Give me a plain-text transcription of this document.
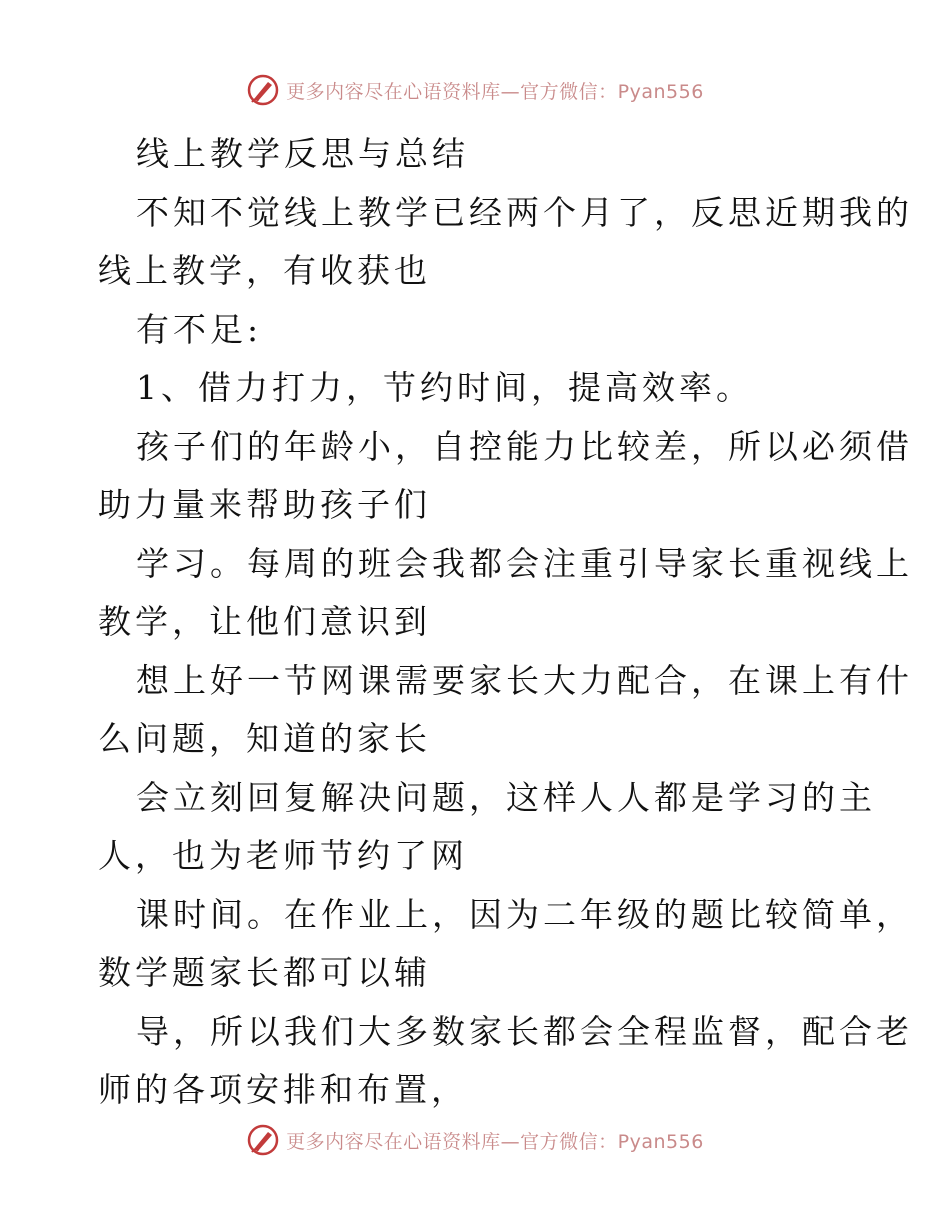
更多内容尽在心语资料库—官方微信：Pyan556
线上教学反思与总结
不知不觉线上教学已经两个月了，反思近期我的
线上教学，有收获也
有不足:
1、借力打力，节约时间，提高效率。
孩子们的年龄小，自控能力比较差，所以必须借
助力量来帮助孩子们
学习。每周的班会我都会注重引导家长重视线上
教学，让他们意识到
想上好一节网课需要家长大力配合，在课上有什
么问题，知道的家长
会立刻回复解决问题，这样人人都是学习的主
人，也为老师节约了网
课时间。在作业上，因为二年级的题比较简单，
数学题家长都可以辅
导，所以我们大多数家长都会全程监督，配合老
师的各项安排和布置，
更多内容尽在心语资料库—官方微信：Pyan556
